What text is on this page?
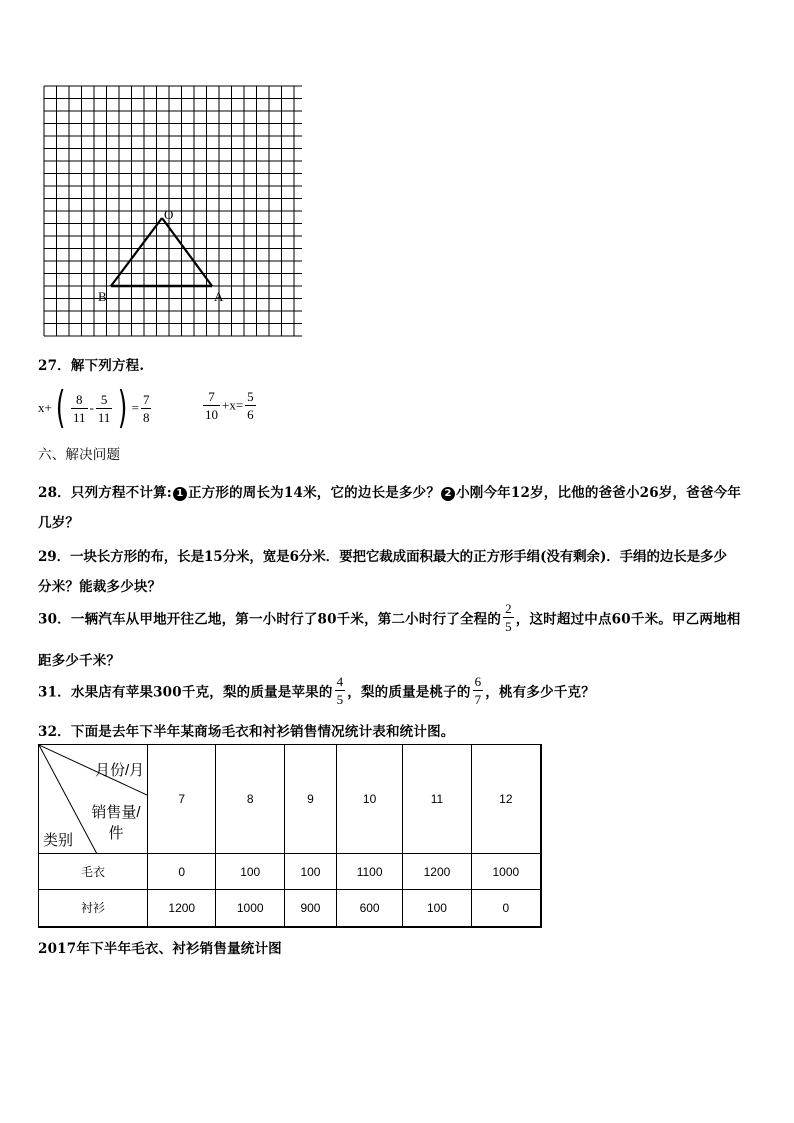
O
B	A
27．解下列方程.
$x+( \frac{8}{11} - \frac{5}{11}$ ) = $\frac{7}{8}$	$\frac{7}{10} +x= \frac{5}{6}$
六、解决问题
28．只列方程不计算: 1 正方形的周长为14米，它的边长是多少？ 2 小刚今年12岁，比他的爸爸小26岁，爸爸今年
几岁？
29．一块长方形的布，长是15分米，宽是6分米．要把它裁成面积最大的正方形手绢(没有剩余)．手绢的边长是多少
分米？能裁多少块？
30．一辆汽车从甲地开往乙地，第一小时行了80千米，第二小时行了全程的 $\frac{2}{5}$ ，这时超过中点60千米。甲乙两地相
距多少千米？
31．水果店有苹果300千克，梨的质量是苹果的 $\frac{4}{5}$ ，梨的质量是桃子的 $\frac{6}{7}$ ，桃有多少千克？
32．下面是去年下半年某商场毛衣和衬衫销售情况统计表和统计图。
月份/月
销售量/件
类别	7	8	9	10	11	12
毛衣	0	100	100	1100	1200	1000
衬衫	1200	1000	900	600	100	0
2017年下半年毛衣、衬衫销售量统计图
